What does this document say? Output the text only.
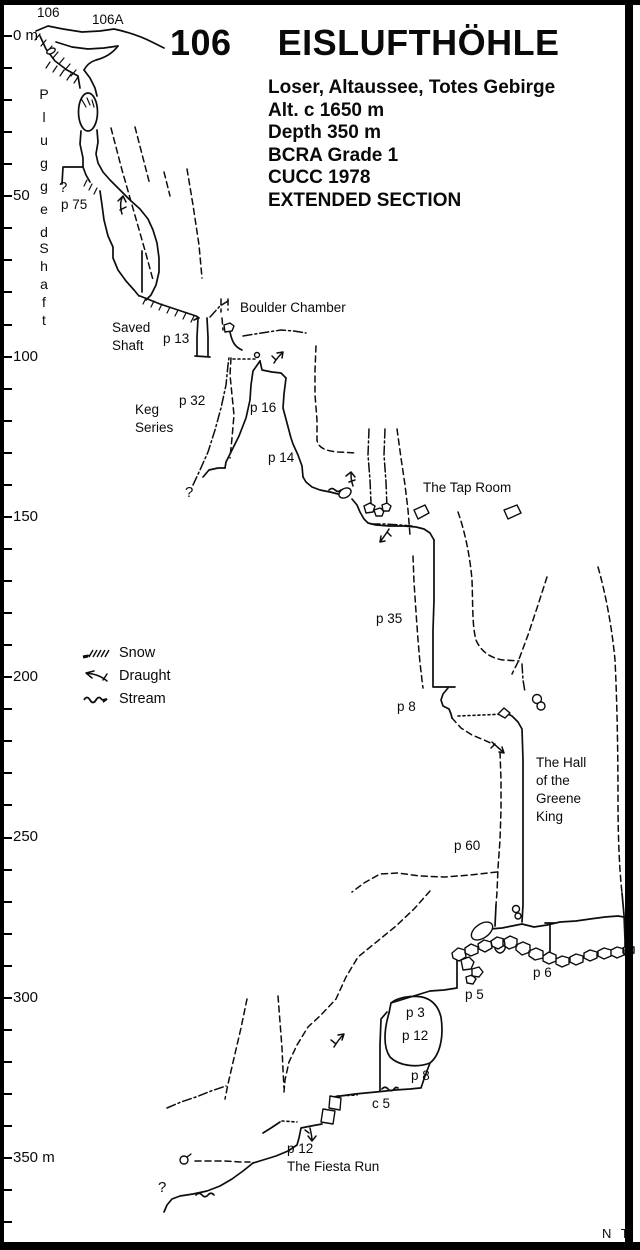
0 m
50
100
150
200
250
300
350 m
106 EISLUFTHÖHLE
Loser, Altaussee, Totes Gebirge
Alt. c 1650 m
Depth 350 m
BCRA Grade 1
CUCC 1978
EXTENDED SECTION
Snow
Draught
Stream
106 106A
Plugged
Shaft
?
p 75
Saved
Shaft p 13
Boulder Chamber
Keg
Series
p 32	p 16
p 14
?	The Tap Room
p 35
p 8
The Hall
of the
Greene
King
p 60
p 6
p 5
p 3
p 12
p 8
c 5
p 12
The Fiesta Run
?
N T
